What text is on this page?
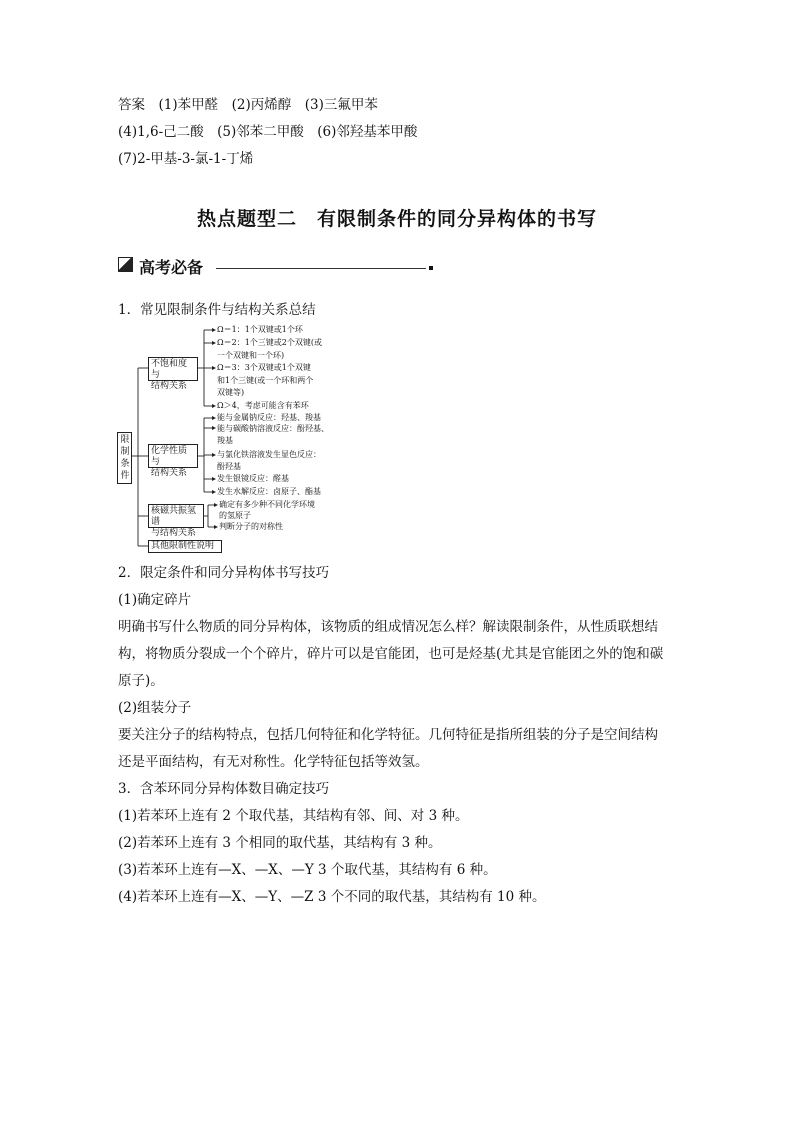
答案　(1)苯甲醛　(2)丙烯醇　(3)三氟甲苯
(4)1,6-己二酸　(5)邻苯二甲酸　(6)邻羟基苯甲酸
(7)2-甲基-3-氯-1-丁烯
热点题型二　有限制条件的同分异构体的书写
高考必备
1．常见限制条件与结构关系总结
限
制
条
件
不饱和度与
结构关系
化学性质与
结构关系
核磁共振氢谱
与结构关系
其他限制性说明
Ω＝1：1个双键或1个环
Ω＝2：1个三键或2个双键(或
一个双键和一个环)
Ω＝3：3个双键或1个双键
和1个三键(或一个环和两个
双键等)
Ω＞4，考虑可能含有苯环
能与金属钠反应：羟基、羧基
能与碳酸钠溶液反应：酚羟基、
羧基
与氯化铁溶液发生显色反应：
酚羟基
发生银镜反应：醛基
发生水解反应：卤原子、酯基
确定有多少种不同化学环境
的氢原子
判断分子的对称性
2．限定条件和同分异构体书写技巧
(1)确定碎片
明确书写什么物质的同分异构体，该物质的组成情况怎么样？解读限制条件，从性质联想结
构，将物质分裂成一个个碎片，碎片可以是官能团，也可是烃基(尤其是官能团之外的饱和碳
原子)。
(2)组装分子
要关注分子的结构特点，包括几何特征和化学特征。几何特征是指所组装的分子是空间结构
还是平面结构，有无对称性。化学特征包括等效氢。
3．含苯环同分异构体数目确定技巧
(1)若苯环上连有 2 个取代基，其结构有邻、间、对 3 种。
(2)若苯环上连有 3 个相同的取代基，其结构有 3 种。
(3)若苯环上连有—X、—X、—Y 3 个取代基，其结构有 6 种。
(4)若苯环上连有—X、—Y、—Z 3 个不同的取代基，其结构有 10 种。
